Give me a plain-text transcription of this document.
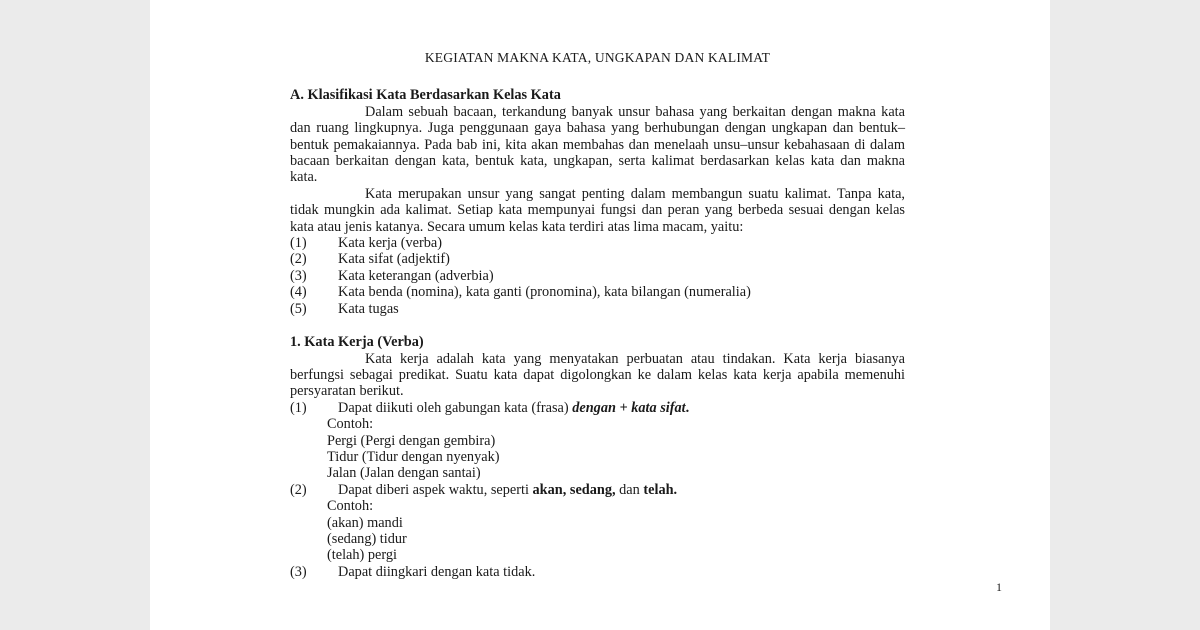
KEGIATAN MAKNA KATA, UNGKAPAN DAN KALIMAT

A. Klasifikasi Kata Berdasarkan Kelas Kata

Dalam sebuah bacaan, terkandung banyak unsur bahasa yang berkaitan dengan makna kata dan ruang lingkupnya. Juga penggunaan gaya bahasa yang berhubungan dengan ungkapan dan bentuk–bentuk pemakaiannya. Pada bab ini, kita akan membahas dan menelaah unsu–unsur kebahasaan di dalam bacaan berkaitan dengan kata, bentuk kata, ungkapan, serta kalimat berdasarkan kelas kata dan makna kata.

Kata merupakan unsur yang sangat penting dalam membangun suatu kalimat. Tanpa kata, tidak mungkin ada kalimat. Setiap kata mempunyai fungsi dan peran yang berbeda sesuai dengan kelas kata atau jenis katanya. Secara umum kelas kata terdiri atas lima macam, yaitu:

(1)	Kata kerja (verba)

(2)	Kata sifat (adjektif)

(3)	Kata keterangan (adverbia)

(4)	Kata benda (nomina), kata ganti (pronomina), kata bilangan (numeralia)

(5)	Kata tugas

1. Kata Kerja (Verba)

Kata kerja adalah kata yang menyatakan perbuatan atau tindakan. Kata kerja biasanya berfungsi sebagai predikat. Suatu kata dapat digolongkan ke dalam kelas kata kerja apabila memenuhi persyaratan berikut.

(1)	Dapat diikuti oleh gabungan kata (frasa) dengan + kata sifat.

Contoh:

Pergi (Pergi dengan gembira)

Tidur (Tidur dengan nyenyak)

Jalan (Jalan dengan santai)

(2)	Dapat diberi aspek waktu, seperti akan, sedang, dan telah.

Contoh:

(akan) mandi

(sedang) tidur

(telah) pergi

(3)	Dapat diingkari dengan kata tidak.

1
